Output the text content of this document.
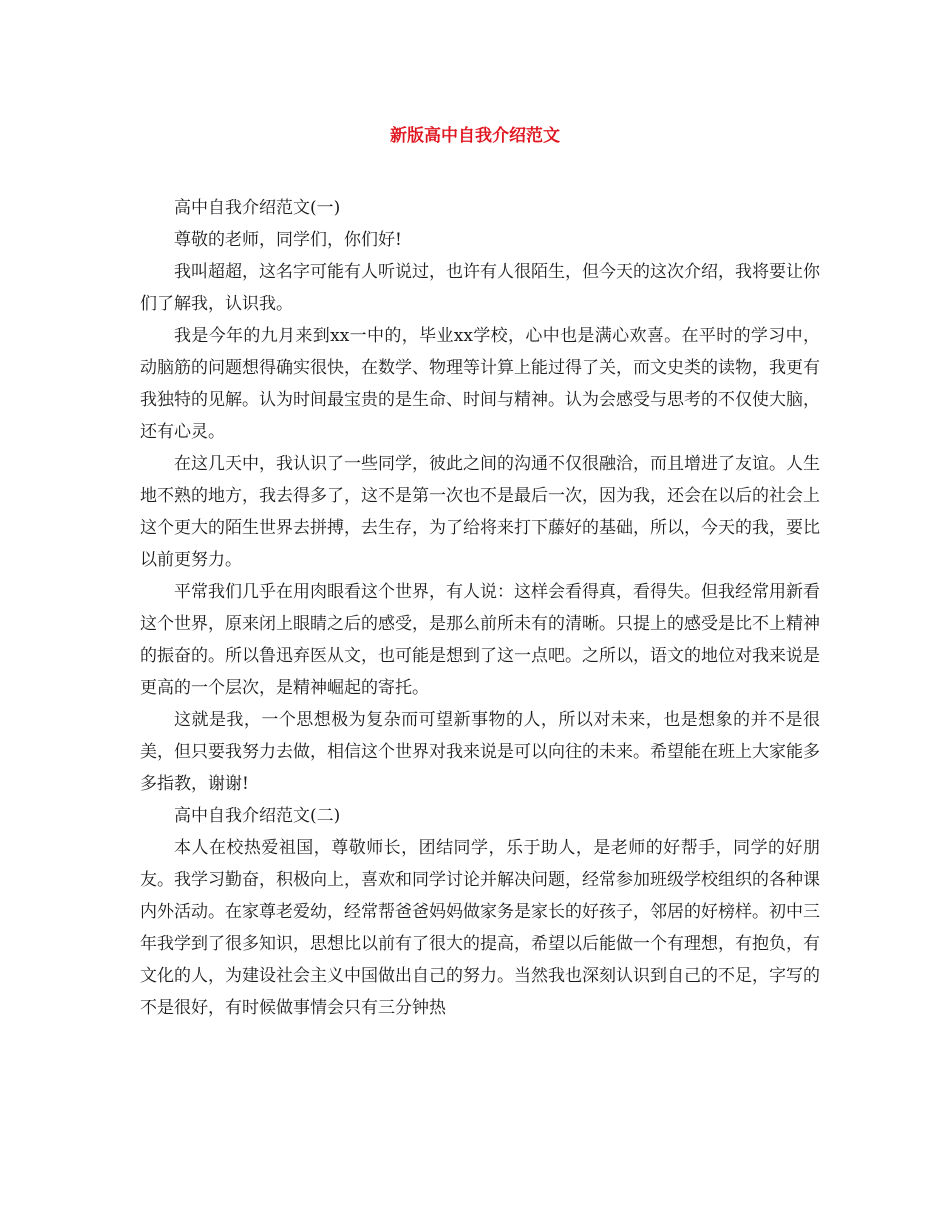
新版高中自我介绍范文

高中自我介绍范文(一)

尊敬的老师，同学们，你们好!

我叫超超，这名字可能有人听说过，也许有人很陌生，但今天的这次介绍，我将要让你们了解我，认识我。

我是今年的九月来到xx一中的，毕业xx学校，心中也是满心欢喜。在平时的学习中，动脑筋的问题想得确实很快，在数学、物理等计算上能过得了关，而文史类的读物，我更有我独特的见解。认为时间最宝贵的是生命、时间与精神。认为会感受与思考的不仅使大脑，还有心灵。

在这几天中，我认识了一些同学，彼此之间的沟通不仅很融洽，而且增进了友谊。人生地不熟的地方，我去得多了，这不是第一次也不是最后一次，因为我，还会在以后的社会上这个更大的陌生世界去拼搏，去生存，为了给将来打下藤好的基础，所以，今天的我，要比以前更努力。

平常我们几乎在用肉眼看这个世界，有人说：这样会看得真，看得失。但我经常用新看这个世界，原来闭上眼睛之后的感受，是那么前所未有的清晰。只提上的感受是比不上精神的振奋的。所以鲁迅弃医从文，也可能是想到了这一点吧。之所以，语文的地位对我来说是更高的一个层次，是精神崛起的寄托。

这就是我，一个思想极为复杂而可望新事物的人，所以对未来，也是想象的并不是很美，但只要我努力去做，相信这个世界对我来说是可以向往的未来。希望能在班上大家能多多指教，谢谢!

高中自我介绍范文(二)

本人在校热爱祖国，尊敬师长，团结同学，乐于助人，是老师的好帮手，同学的好朋友。我学习勤奋，积极向上，喜欢和同学讨论并解决问题，经常参加班级学校组织的各种课内外活动。在家尊老爱幼，经常帮爸爸妈妈做家务是家长的好孩子，邻居的好榜样。初中三年我学到了很多知识，思想比以前有了很大的提高，希望以后能做一个有理想，有抱负，有文化的人，为建设社会主义中国做出自己的努力。当然我也深刻认识到自己的不足，字写的不是很好，有时候做事情会只有三分钟热
